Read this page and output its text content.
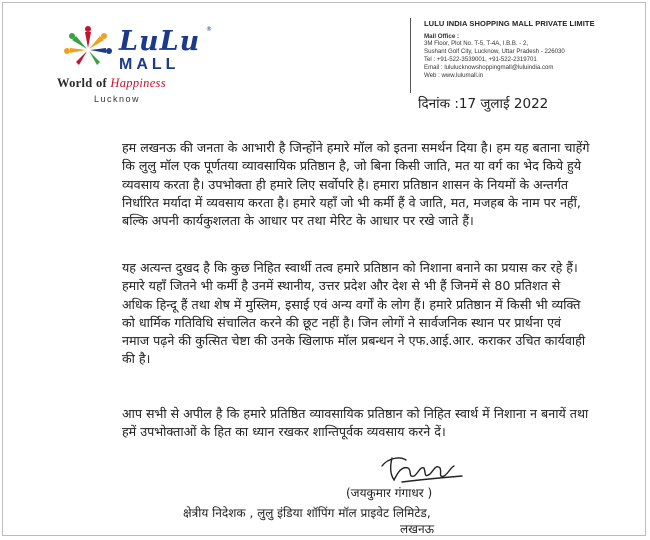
LuLu ®
MALL
World of Happiness
Lucknow
LULU INDIA SHOPPING MALL PRIVATE LIMITE
Mall Office :
3M Floor, Plot No. T-5, T-4A, I.B.B. - 2,
Sushant Golf City, Lucknow, Uttar Pradesh - 226030
Tel : +91-522-3539001, +91-522-2319701
Email : lululucknowshoppingmall@luluindia.com
Web : www.lulumall.in
दिनांक :17 जुलाई 2022

हम लखनऊ की जनता के आभारी है जिन्होंने हमारे मॉल को इतना समर्थन दिया है। हम यह बताना चाहेंगे कि लुलु मॉल एक पूर्णतया व्यावसायिक प्रतिष्ठान है, जो बिना किसी जाति, मत या वर्ग का भेद किये हुये व्यवसाय करता है। उपभोक्ता ही हमारे लिए सर्वोपरि है। हमारा प्रतिष्ठान शासन के नियमों के अन्तर्गत निर्धारित मर्यादा में व्यवसाय करता है। हमारे यहाँ जो भी कर्मी हैं वे जाति, मत, मजहब के नाम पर नहीं, बल्कि अपनी कार्यकुशलता के आधार पर तथा मेरिट के आधार पर रखे जाते हैं।

यह अत्यन्त दुखद है कि कुछ निहित स्वार्थी तत्व हमारे प्रतिष्ठान को निशाना बनाने का प्रयास कर रहे हैं। हमारे यहाँ जितने भी कर्मी है उनमें स्थानीय, उत्तर प्रदेश और देश से भी हैं जिनमें से 80 प्रतिशत से अधिक हिन्दू हैं तथा शेष में मुस्लिम, इसाई एवं अन्य वर्गों के लोग हैं। हमारे प्रतिष्ठान में किसी भी व्यक्ति को धार्मिक गतिविधि संचालित करने की छूट नहीं है। जिन लोगों ने सार्वजनिक स्थान पर प्रार्थना एवं नमाज पढ़ने की कुत्सित चेष्टा की उनके खिलाफ मॉल प्रबन्धन ने एफ.आई.आर. कराकर उचित कार्यवाही की है।

आप सभी से अपील है कि हमारे प्रतिष्ठित व्यावसायिक प्रतिष्ठान को निहित स्वार्थ में निशाना न बनायें तथा हमें उपभोक्ताओं के हित का ध्यान रखकर शान्तिपूर्वक व्यवसाय करने दें।

(जयकुमार गंगाधर )
क्षेत्रीय निदेशक , लुलु इंडिया शॉपिंग मॉल प्राइवेट लिमिटेड,
लखनऊ
